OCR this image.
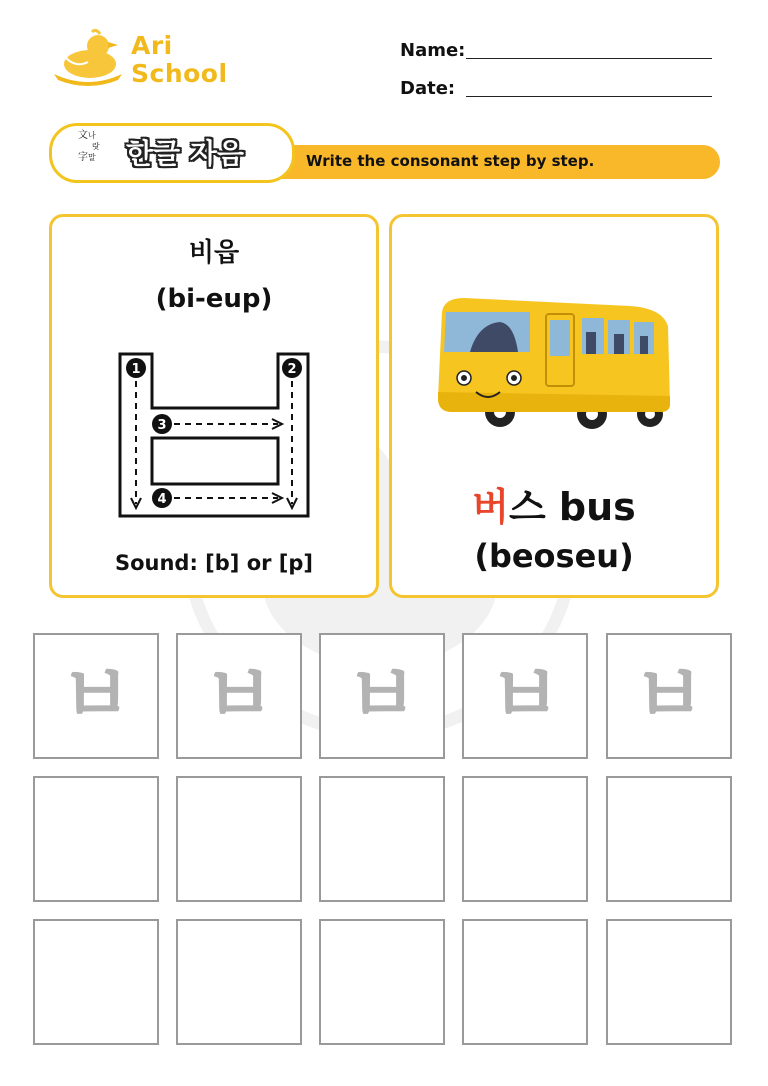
Ari
School
Name:
Date:
Write the consonant step by step.
文나
랏
字말	한글 자음
비읍
(bi-eup)
1	2
3
4
Sound: [b] or [p]
버스 bus
(beoseu)
ㅂ ㅂ ㅂ ㅂ ㅂ
